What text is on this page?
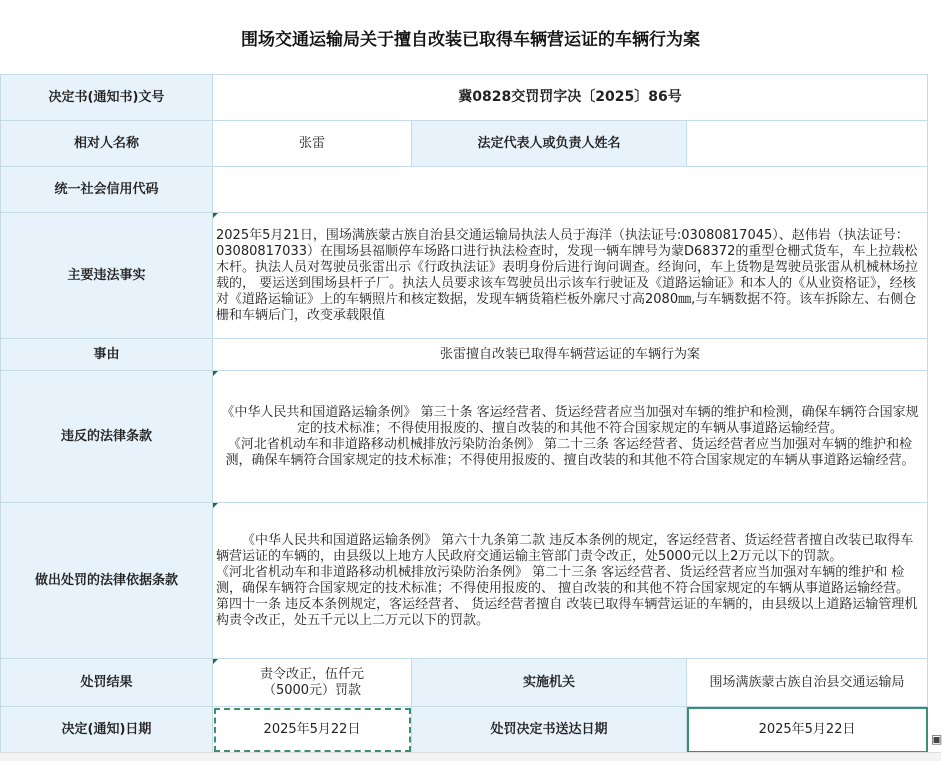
围场交通运输局关于擅自改装已取得车辆营运证的车辆行为案
决定书(通知书)文号	冀0828交罚罚字决〔2025〕86号		
相对人名称	张雷	法定代表人或负责人姓名	
统一社会信用代码			
主要违法事实	2025年5月21日，围场满族蒙古族自治县交通运输局执法人员于海洋（执法证号:03080817045）、赵伟岩（执法证号：03080817033）在围场县福顺停车场路口进行执法检查时，发现一辆车牌号为蒙D68372的重型仓栅式货车，车上拉载松木杆。执法人员对驾驶员张雷出示《行政执法证》表明身份后进行询问调查。经询问，车上货物是驾驶员张雷从机械林场拉载的， 要运送到围场县杆子厂。执法人员要求该车驾驶员出示该车行驶证及《道路运输证》和本人的《从业资格证》，经核对《道路运输证》上的车辆照片和核定数据，发现车辆货箱栏板外廓尺寸高2080㎜,与车辆数据不符。该车拆除左、右侧仓栅和车辆后门，改变承载限值		
事由	张雷擅自改装已取得车辆营运证的车辆行为案		
违反的法律条款	《中华人民共和国道路运输条例》 第三十条 客运经营者、货运经营者应当加强对车辆的维护和检测，确保车辆符合国家规定的技术标准；不得使用报废的、擅自改装的和其他不符合国家规定的车辆从事道路运输经营。

《河北省机动车和非道路移动机械排放污染防治条例》 第二十三条 客运经营者、货运经营者应当加强对车辆的维护和检测，确保车辆符合国家规定的技术标准；不得使用报废的、擅自改装的和其他不符合国家规定的车辆从事道路运输经营。		

做出处罚的法律依据条款	《中华人民共和国道路运输条例》 第六十九条第二款 违反本条例的规定，客运经营者、货运经营者擅自改装已取得车辆营运证的车辆的，由县级以上地方人民政府交通运输主管部门责令改正，处5000元以上2万元以下的罚款。

《河北省机动车和非道路移动机械排放污染防治条例》 第二十三条 客运经营者、货运经营者应当加强对车辆的维护和 检测，确保车辆符合国家规定的技术标准；不得使用报废的、 擅自改装的和其他不符合国家规定的车辆从事道路运输经营。 第四十一条 违反本条例规定，客运经营者、 货运经营者擅自 改装已取得车辆营运证的车辆的，由县级以上道路运输管理机构责令改正，处五千元以上二万元以下的罚款。		

处罚结果	责令改正，伍仟元（5000元）罚款	实施机关	围场满族蒙古族自治县交通运输局
决定(通知)日期	2025年5月22日	处罚决定书送达日期	2025年5月22日
▣
